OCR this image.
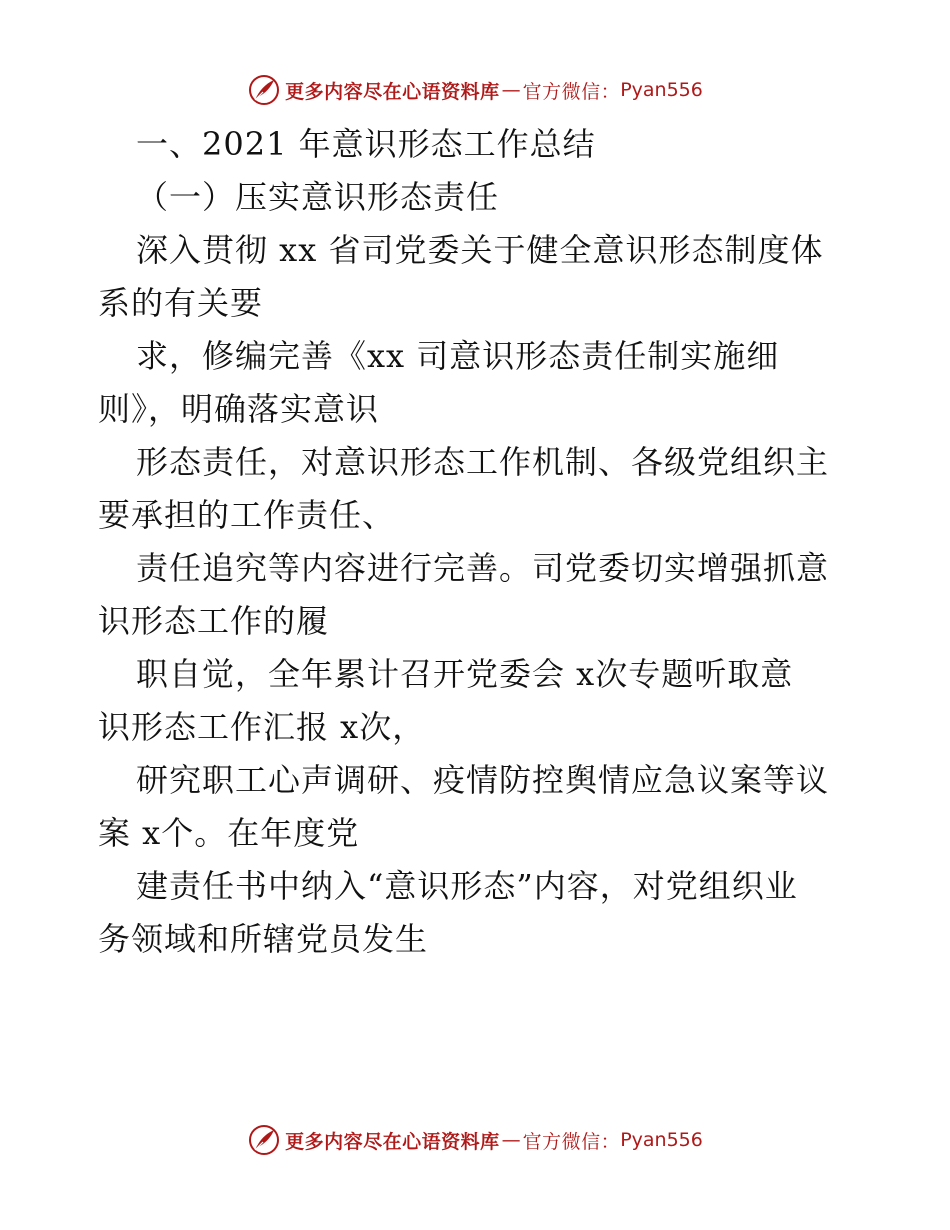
更多内容尽在心语资料库 — 官方微信： Pyan556
一、2021 年意识形态工作总结
（一）压实意识形态责任
深入贯彻 xx 省司党委关于健全意识形态制度体
系的有关要
求，修编完善《xx 司意识形态责任制实施细
则》，明确落实意识
形态责任，对意识形态工作机制、各级党组织主
要承担的工作责任、
责任追究等内容进行完善。司党委切实增强抓意
识形态工作的履
职自觉，全年累计召开党委会 x次专题听取意
识形态工作汇报 x次，
研究职工心声调研、疫情防控舆情应急议案等议
案 x个。在年度党
建责任书中纳入“意识形态”内容，对党组织业
务领域和所辖党员发生
更多内容尽在心语资料库 — 官方微信： Pyan556
